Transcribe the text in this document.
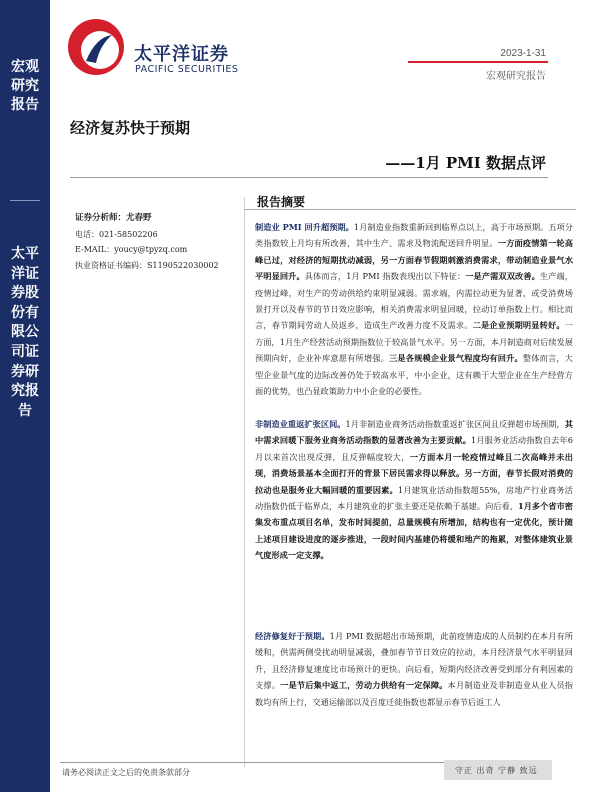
宏观研究报告
太平洋证券股份有限公司证券研究报告
太平洋证券
PACIFIC SECURITIES
2023-1-31
宏观研究报告
经济复苏快于预期
——1月 PMI 数据点评
证券分析师：尤春野
电话：021-58502206
E-MAIL：youcy@tpyzq.com
执业资格证书编码：S1190522030002
报告摘要
制造业 PMI 回升超预期。1月制造业指数重新回到临界点以上，高于市场预期。五项分类指数较上月均有所改善，其中生产、需求及物流配送回升明显。一方面疫情第一轮高峰已过，对经济的短期扰动减弱，另一方面春节假期刺激消费需求，带动制造业景气水平明显回升。具体而言，1月 PMI 指数表现出以下特征：一是产需双双改善。生产端，疫情过峰，对生产的劳动供给约束明显减弱。需求端，内需拉动更为显著，或受消费场景打开以及春节的节日效应影响，相关消费需求明显回暖，拉动订单指数上行。相比而言，春节期间劳动人员返乡，造成生产改善力度不及需求。二是企业预期明显转好。一方面，1月生产经营活动预期指数位于较高景气水平。另一方面，本月制造商对后续发展预期向好，企业补库意愿有所增强。三是各规模企业景气程度均有回升。整体而言，大型企业景气度的边际改善仍处于较高水平，中小企业，这有赖于大型企业在生产经营方面的优势，也凸显政策助力中小企业的必要性。
非制造业重返扩张区间。1月非制造业商务活动指数重返扩张区间且反弹超市场预期，其中需求回暖下服务业商务活动指数的显著改善为主要贡献。1月服务业活动指数自去年6月以来首次出现反弹，且反弹幅度较大，一方面本月一轮疫情过峰且二次高峰并未出现，消费场景基本全面打开的背景下居民需求得以释放。另一方面，春节长假对消费的拉动也是服务业大幅回暖的重要因素。1月建筑业活动指数超55%，房地产行业商务活动指数仍低于临界点，本月建筑业的扩张主要还是依赖于基建。向后看，1月多个省市密集发布重点项目名单，发布时间提前，总量规模有所增加，结构也有一定优化，预计随上述项目建设进度的逐步推进，一段时间内基建仍将缓和地产的拖累，对整体建筑业景气度形成一定支撑。
经济修复好于预期。1月 PMI 数据超出市场预期，此前疫情造成的人员制约在本月有所缓和，供需两侧受扰动明显减弱，叠加春节节日效应的拉动，本月经济景气水平明显回升，且经济修复速度比市场预计的更快。向后看，短期内经济改善受到部分有利因素的支撑。一是节后集中返工，劳动力供给有一定保障。本月制造业及非制造业从业人员指数均有所上行，交通运输部以及百度迁徙指数也都显示春节后返工人
请务必阅读正文之后的免责条款部分	守正 出奇 宁静 致远
